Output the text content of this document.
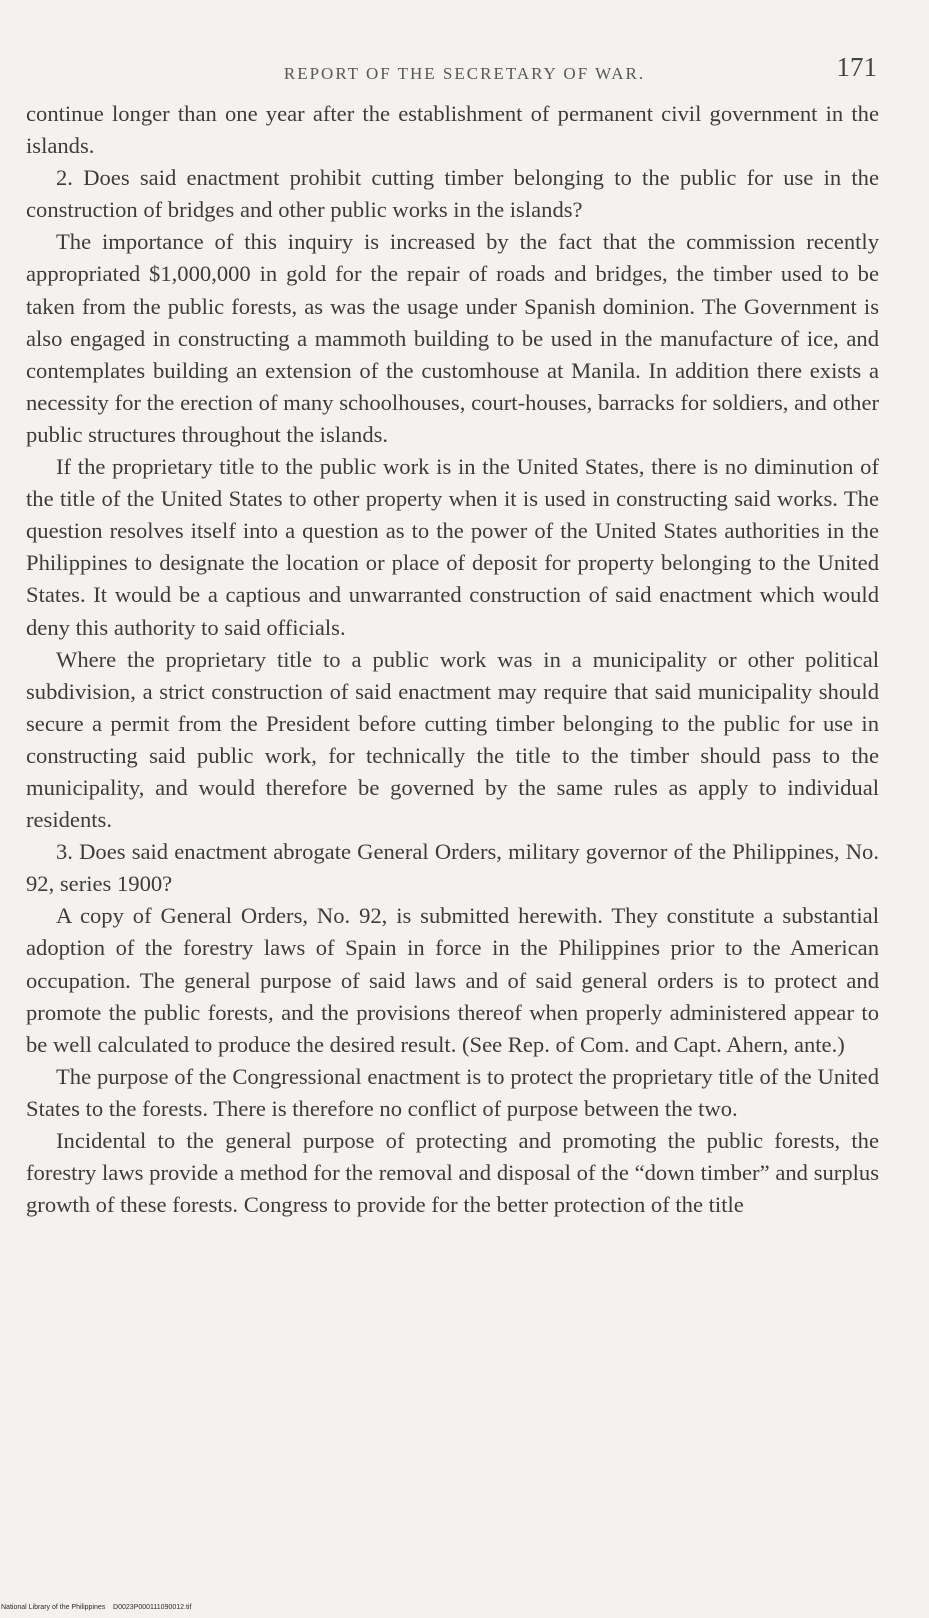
REPORT OF THE SECRETARY OF WAR.	171

continue longer than one year after the establishment of permanent civil government in the islands.

2. Does said enactment prohibit cutting timber belonging to the public for use in the construction of bridges and other public works in the islands?

The importance of this inquiry is increased by the fact that the commission recently appropriated $1,000,000 in gold for the repair of roads and bridges, the timber used to be taken from the public forests, as was the usage under Spanish dominion. The Government is also engaged in constructing a mammoth building to be used in the manufacture of ice, and contemplates building an extension of the customhouse at Manila. In addition there exists a necessity for the erection of many schoolhouses, court-houses, barracks for soldiers, and other public structures throughout the islands.

If the proprietary title to the public work is in the United States, there is no diminution of the title of the United States to other property when it is used in constructing said works. The question resolves itself into a question as to the power of the United States authorities in the Philippines to designate the location or place of deposit for property belonging to the United States. It would be a captious and unwarranted construction of said enactment which would deny this authority to said officials.

Where the proprietary title to a public work was in a municipality or other political subdivision, a strict construction of said enactment may require that said municipality should secure a permit from the President before cutting timber belonging to the public for use in constructing said public work, for technically the title to the timber should pass to the municipality, and would therefore be governed by the same rules as apply to individual residents.

3. Does said enactment abrogate General Orders, military governor of the Philippines, No. 92, series 1900?

A copy of General Orders, No. 92, is submitted herewith. They constitute a substantial adoption of the forestry laws of Spain in force in the Philippines prior to the American occupation. The general purpose of said laws and of said general orders is to protect and promote the public forests, and the provisions thereof when properly administered appear to be well calculated to produce the desired result. (See Rep. of Com. and Capt. Ahern, ante.)

The purpose of the Congressional enactment is to protect the proprietary title of the United States to the forests. There is therefore no conflict of purpose between the two.

Incidental to the general purpose of protecting and promoting the public forests, the forestry laws provide a method for the removal and disposal of the “down timber” and surplus growth of these forests. Congress to provide for the better protection of the title

National Library of the Philippines    D0023P000111090012.tif
